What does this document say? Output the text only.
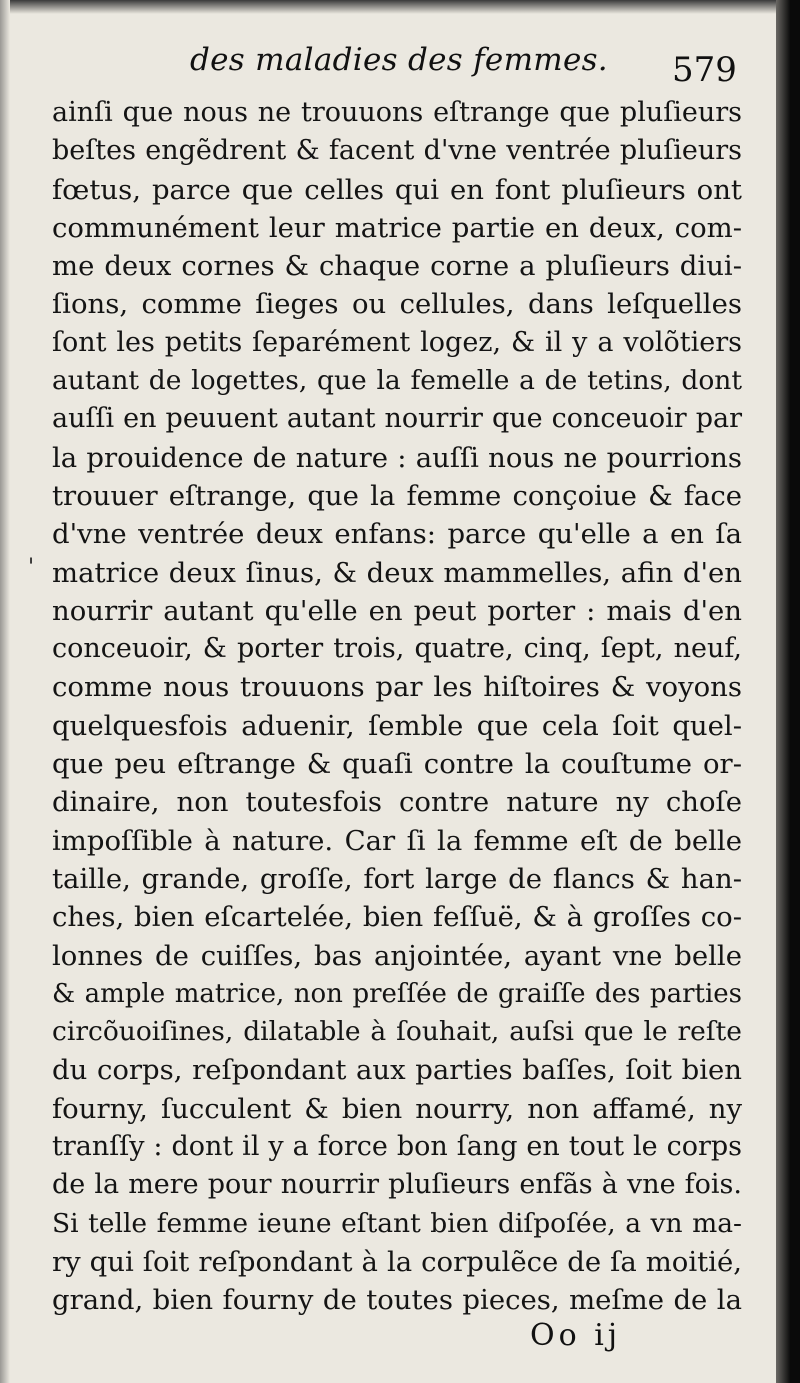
des maladies des femmes. 579
'
ainſi que nous ne trouuons eſtrange que pluſieurs
beſtes engẽdrent & facent d'vne ventrée pluſieurs
fœtus, parce que celles qui en font pluſieurs ont
communément leur matrice partie en deux, com-
me deux cornes & chaque corne a pluſieurs diui-
ſions, comme ſieges ou cellules, dans leſquelles
ſont les petits ſeparément logez, & il y a volõtiers
autant de logettes, que la femelle a de tetins, dont
auſſi en peuuent autant nourrir que conceuoir par
la prouidence de nature : auſſi nous ne pourrions
trouuer eſtrange, que la femme conçoiue & face
d'vne ventrée deux enfans: parce qu'elle a en ſa
matrice deux ſinus, & deux mammelles, afin d'en
nourrir autant qu'elle en peut porter : mais d'en
conceuoir, & porter trois, quatre, cinq, ſept, neuf,
comme nous trouuons par les hiſtoires & voyons
quelquesfois aduenir, ſemble que cela ſoit quel-
que peu eſtrange & quaſi contre la couſtume or-
dinaire, non toutesfois contre nature ny choſe
impoſſible à nature. Car ſi la femme eſt de belle
taille, grande, groſſe, fort large de flancs & han-
ches, bien eſcartelée, bien feſſuë, & à groſſes co-
lonnes de cuiſſes, bas anjointée, ayant vne belle
& ample matrice, non preſſée de graiſſe des parties
circõuoiſines, dilatable à ſouhait, auſsi que le reſte
du corps, reſpondant aux parties baſſes, ſoit bien
fourny, ſucculent & bien nourry, non affamé, ny
tranſſy : dont il y a force bon ſang en tout le corps
de la mere pour nourrir pluſieurs enfãs à vne fois.
Si telle femme ieune eſtant bien diſpoſée, a vn ma-
ry qui ſoit reſpondant à la corpulẽce de ſa moitié,
grand, bien fourny de toutes pieces, meſme de la
Oo ij
